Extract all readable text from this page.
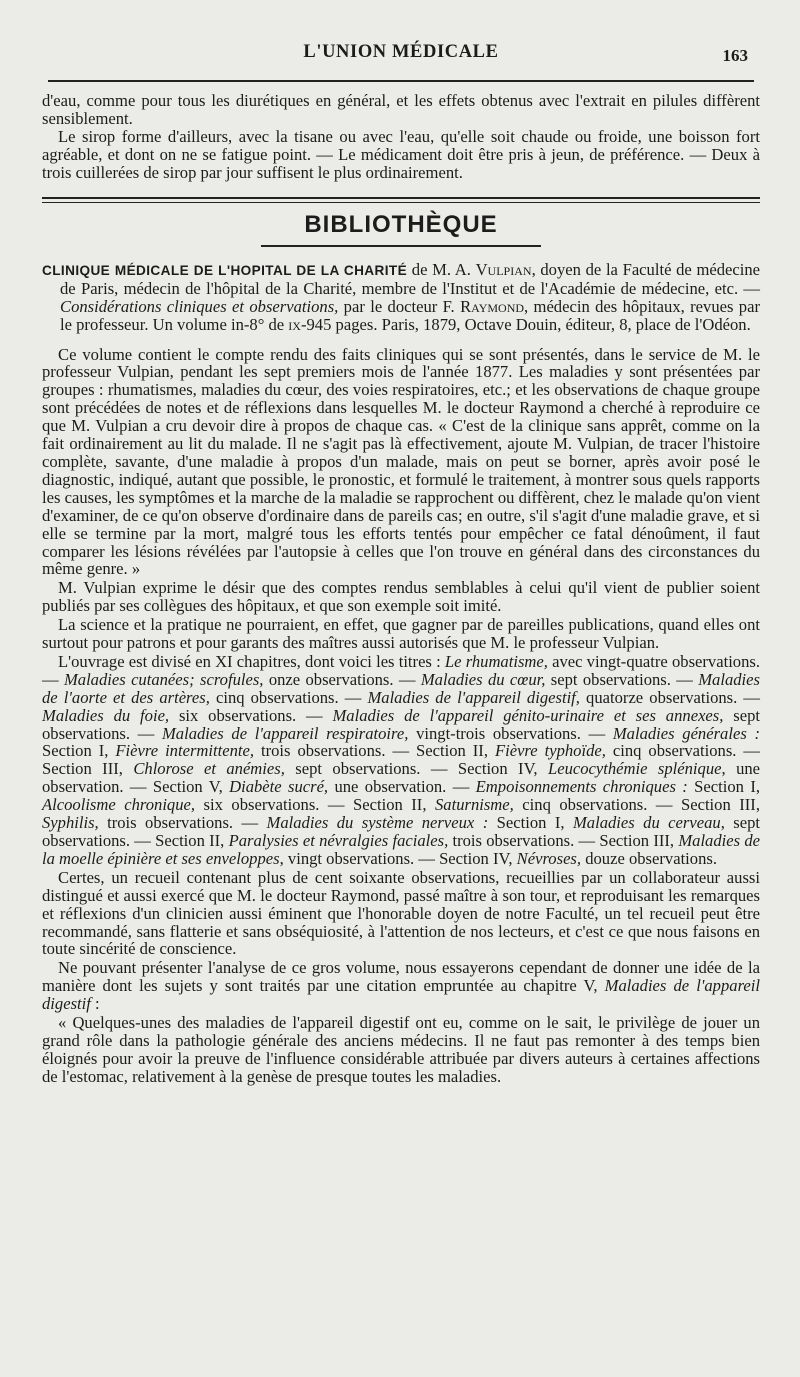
L'UNION MÉDICALE	163

d'eau, comme pour tous les diurétiques en général, et les effets obtenus avec l'extrait en pilules diffèrent sensiblement.

Le sirop forme d'ailleurs, avec la tisane ou avec l'eau, qu'elle soit chaude ou froide, une boisson fort agréable, et dont on ne se fatigue point. — Le médicament doit être pris à jeun, de préférence. — Deux à trois cuillerées de sirop par jour suffisent le plus ordinairement.

BIBLIOTHÈQUE

CLINIQUE MÉDICALE DE L'HOPITAL DE LA CHARITÉ de M. A. Vulpian, doyen de la Faculté de médecine de Paris, médecin de l'hôpital de la Charité, membre de l'Institut et de l'Académie de médecine, etc. — Considérations cliniques et observations, par le docteur F. Raymond, médecin des hôpitaux, revues par le professeur. Un volume in-8° de ix-945 pages. Paris, 1879, Octave Douin, éditeur, 8, place de l'Odéon.

Ce volume contient le compte rendu des faits cliniques qui se sont présentés, dans le service de M. le professeur Vulpian, pendant les sept premiers mois de l'année 1877. Les maladies y sont présentées par groupes : rhumatismes, maladies du cœur, des voies respiratoires, etc.; et les observations de chaque groupe sont précédées de notes et de réflexions dans lesquelles M. le docteur Raymond a cherché à reproduire ce que M. Vulpian a cru devoir dire à propos de chaque cas. « C'est de la clinique sans apprêt, comme on la fait ordinairement au lit du malade. Il ne s'agit pas là effectivement, ajoute M. Vulpian, de tracer l'histoire complète, savante, d'une maladie à propos d'un malade, mais on peut se borner, après avoir posé le diagnostic, indiqué, autant que possible, le pronostic, et formulé le traitement, à montrer sous quels rapports les causes, les symptômes et la marche de la maladie se rapprochent ou diffèrent, chez le malade qu'on vient d'examiner, de ce qu'on observe d'ordinaire dans de pareils cas; en outre, s'il s'agit d'une maladie grave, et si elle se termine par la mort, malgré tous les efforts tentés pour empêcher ce fatal dénoûment, il faut comparer les lésions révélées par l'autopsie à celles que l'on trouve en général dans des circonstances du même genre. »

M. Vulpian exprime le désir que des comptes rendus semblables à celui qu'il vient de publier soient publiés par ses collègues des hôpitaux, et que son exemple soit imité.

La science et la pratique ne pourraient, en effet, que gagner par de pareilles publications, quand elles ont surtout pour patrons et pour garants des maîtres aussi autorisés que M. le professeur Vulpian.

L'ouvrage est divisé en XI chapitres, dont voici les titres : Le rhumatisme, avec vingt-quatre observations. — Maladies cutanées; scrofules, onze observations. — Maladies du cœur, sept observations. — Maladies de l'aorte et des artères, cinq observations. — Maladies de l'appareil digestif, quatorze observations. — Maladies du foie, six observations. — Maladies de l'appareil génito-urinaire et ses annexes, sept observations. — Maladies de l'appareil respiratoire, vingt-trois observations. — Maladies générales : Section I, Fièvre intermittente, trois observations. — Section II, Fièvre typhoïde, cinq observations. — Section III, Chlorose et anémies, sept observations. — Section IV, Leucocythémie splénique, une observation. — Section V, Diabète sucré, une observation. — Empoisonnements chroniques : Section I, Alcoolisme chronique, six observations. — Section II, Saturnisme, cinq observations. — Section III, Syphilis, trois observations. — Maladies du système nerveux : Section I, Maladies du cerveau, sept observations. — Section II, Paralysies et névralgies faciales, trois observations. — Section III, Maladies de la moelle épinière et ses enveloppes, vingt observations. — Section IV, Névroses, douze observations.

Certes, un recueil contenant plus de cent soixante observations, recueillies par un collaborateur aussi distingué et aussi exercé que M. le docteur Raymond, passé maître à son tour, et reproduisant les remarques et réflexions d'un clinicien aussi éminent que l'honorable doyen de notre Faculté, un tel recueil peut être recommandé, sans flatterie et sans obséquiosité, à l'attention de nos lecteurs, et c'est ce que nous faisons en toute sincérité de conscience.

Ne pouvant présenter l'analyse de ce gros volume, nous essayerons cependant de donner une idée de la manière dont les sujets y sont traités par une citation empruntée au chapitre V, Maladies de l'appareil digestif :

« Quelques-unes des maladies de l'appareil digestif ont eu, comme on le sait, le privilège de jouer un grand rôle dans la pathologie générale des anciens médecins. Il ne faut pas remonter à des temps bien éloignés pour avoir la preuve de l'influence considérable attribuée par divers auteurs à certaines affections de l'estomac, relativement à la genèse de presque toutes les maladies.
